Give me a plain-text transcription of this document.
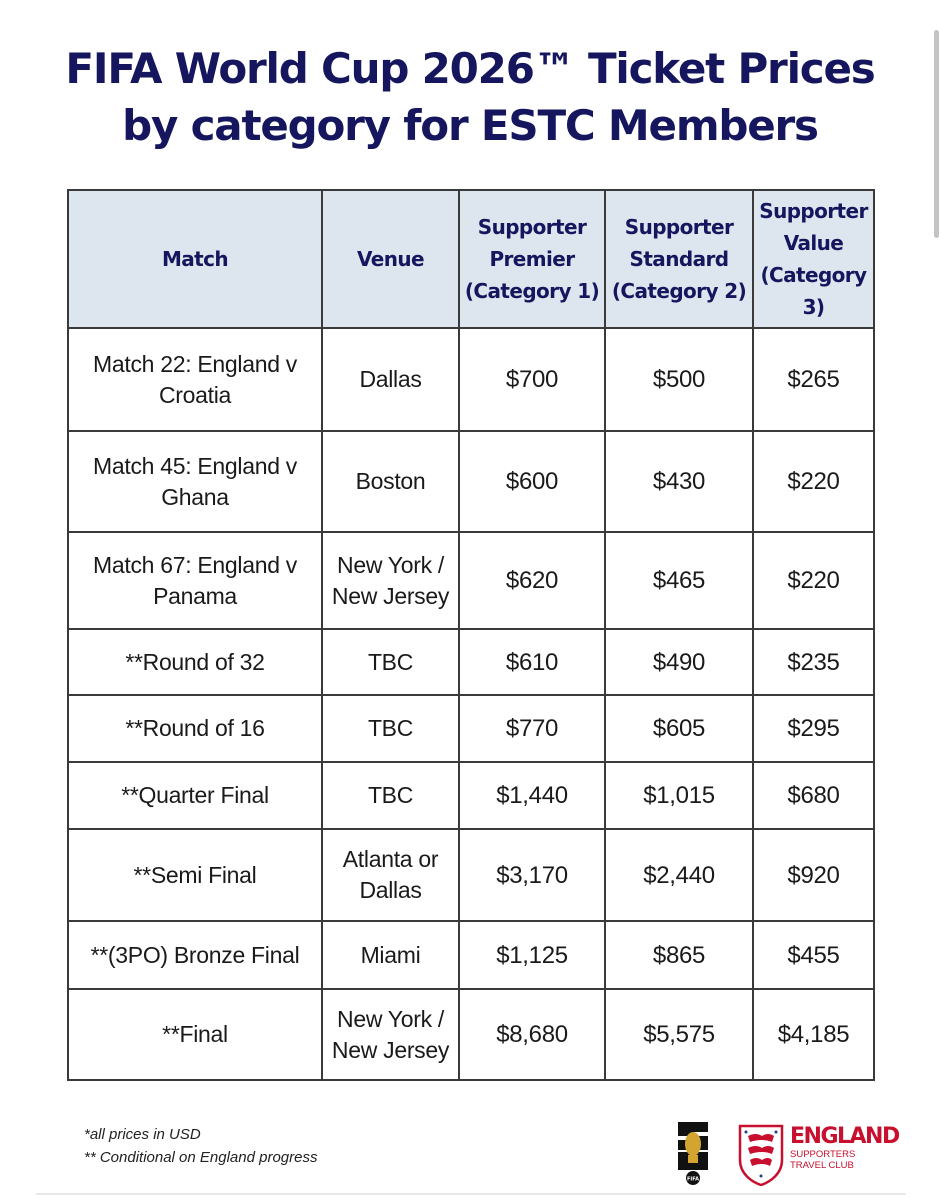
FIFA World Cup 2026™ Ticket Prices
by category for ESTC Members
Match	Venue	Supporter
Premier
(Category 1)	Supporter
Standard
(Category 2)	Supporter
Value
(Category
3)
Match 22: England v
Croatia	Dallas	$700	$500	$265
Match 45: England v
Ghana	Boston	$600	$430	$220
Match 67: England v
Panama	New York /
New Jersey	$620	$465	$220
**Round of 32	TBC	$610	$490	$235
**Round of 16	TBC	$770	$605	$295
**Quarter Final	TBC	$1,440	$1,015	$680
**Semi Final	Atlanta or
Dallas	$3,170	$2,440	$920
**(3PO) Bronze Final	Miami	$1,125	$865	$455
**Final	New York /
New Jersey	$8,680	$5,575	$4,185
*all prices in USD
** Conditional on England progress
FIFA
ENGLAND
SUPPORTERS
TRAVEL CLUB
